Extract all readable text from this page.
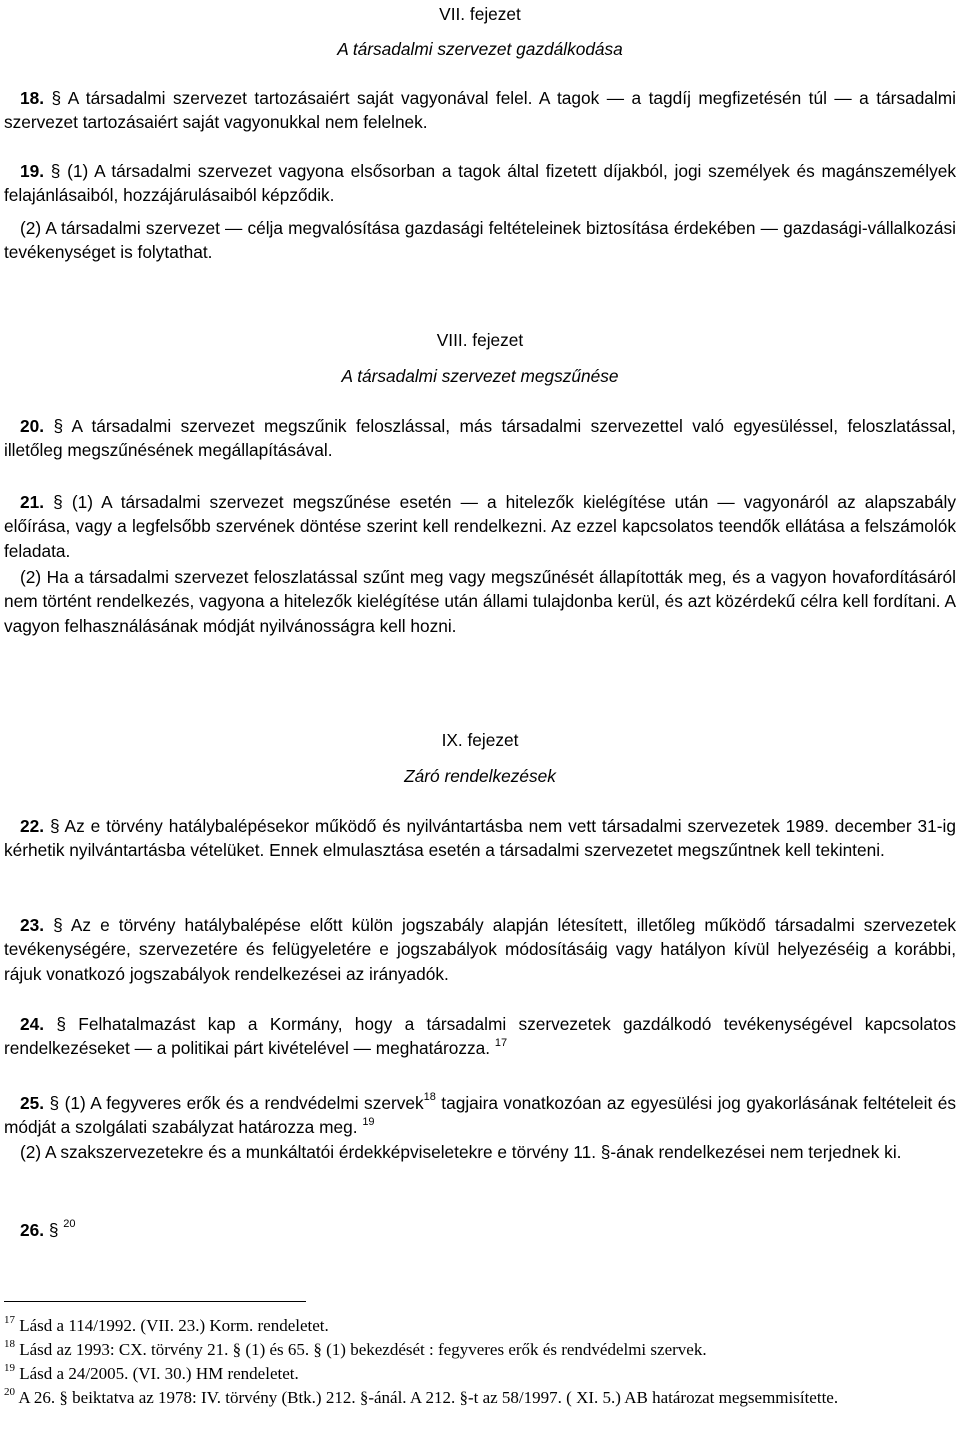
VII. fejezet
A társadalmi szervezet gazdálkodása

18. § A társadalmi szervezet tartozásaiért saját vagyonával felel. A tagok — a tagdíj megfizetésén túl — a társadalmi szervezet tartozásaiért saját vagyonukkal nem felelnek.

19. § (1) A társadalmi szervezet vagyona elsősorban a tagok által fizetett díjakból, jogi személyek és magánszemélyek felajánlásaiból, hozzájárulásaiból képződik.

(2) A társadalmi szervezet — célja megvalósítása gazdasági feltételeinek biztosítása érdekében — gazdasági-vállalkozási tevékenységet is folytathat.

VIII. fejezet
A társadalmi szervezet megszűnése

20. § A társadalmi szervezet megszűnik feloszlással, más társadalmi szervezettel való egyesüléssel, feloszlatással, illetőleg megszűnésének megállapításával.

21. § (1) A társadalmi szervezet megszűnése esetén — a hitelezők kielégítése után — vagyonáról az alapszabály előírása, vagy a legfelsőbb szervének döntése szerint kell rendelkezni. Az ezzel kapcsolatos teendők ellátása a felszámolók feladata.

(2) Ha a társadalmi szervezet feloszlatással szűnt meg vagy megszűnését állapították meg, és a vagyon hovafordításáról nem történt rendelkezés, vagyona a hitelezők kielégítése után állami tulajdonba kerül, és azt közérdekű célra kell fordítani. A vagyon felhasználásának módját nyilvánosságra kell hozni.

IX. fejezet
Záró rendelkezések

22. § Az e törvény hatálybalépésekor működő és nyilvántartásba nem vett társadalmi szervezetek 1989. december 31-ig kérhetik nyilvántartásba vételüket. Ennek elmulasztása esetén a társadalmi szervezetet megszűntnek kell tekinteni.

23. § Az e törvény hatálybalépése előtt külön jogszabály alapján létesített, illetőleg működő társadalmi szervezetek tevékenységére, szervezetére és felügyeletére e jogszabályok módosításáig vagy hatályon kívül helyezéséig a korábbi, rájuk vonatkozó jogszabályok rendelkezései az irányadók.

24. § Felhatalmazást kap a Kormány, hogy a társadalmi szervezetek gazdálkodó tevékenységével kapcsolatos rendelkezéseket — a politikai párt kivételével — meghatározza. $^{17}$

25. § (1) A fegyveres erők és a rendvédelmi szervek$^{18}$ tagjaira vonatkozóan az egyesülési jog gyakorlásának feltételeit és módját a szolgálati szabályzat határozza meg. $^{19}$

(2) A szakszervezetekre és a munkáltatói érdekképviseletekre e törvény 11. §-ának rendelkezései nem terjednek ki.

26. § $^{20}$

$^{17}$ Lásd a 114/1992. (VII. 23.) Korm. rendeletet.
$^{18}$ Lásd az 1993: CX. törvény 21. § (1) és 65. § (1) bekezdését : fegyveres erők és rendvédelmi szervek.
$^{19}$ Lásd a 24/2005. (VI. 30.) HM rendeletet.
$^{20}$ A 26. § beiktatva az 1978: IV. törvény (Btk.) 212. §-ánál. A 212. §-t az 58/1997. ( XI. 5.) AB határozat megsemmisítette.
